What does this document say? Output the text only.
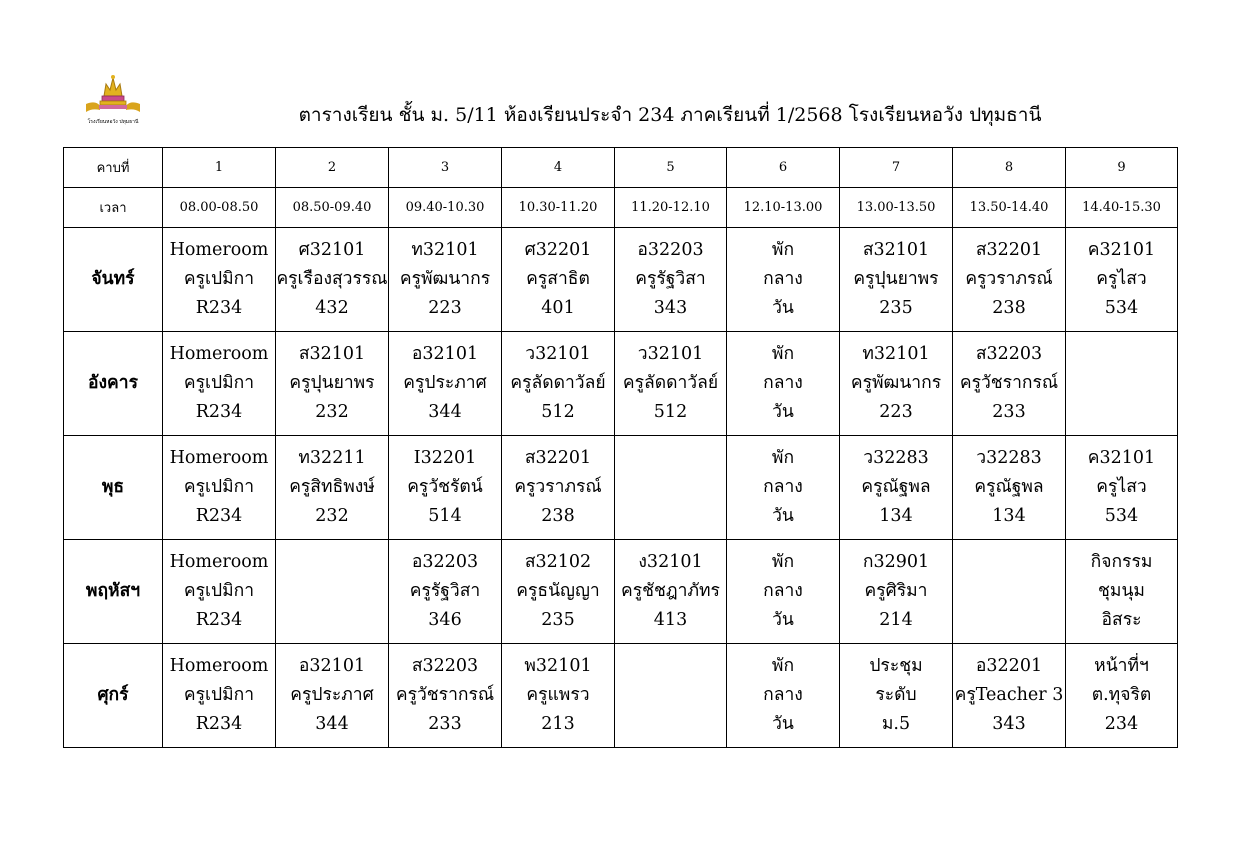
โรงเรียนหอวัง ปทุมธานี	ตารางเรียน ชั้น ม. 5/11 ห้องเรียนประจำ 234 ภาคเรียนที่ 1/2568 โรงเรียนหอวัง ปทุมธานี
คาบที่	1	2	3	4	5	6	7	8	9
เวลา	08.00-08.50	08.50-09.40	09.40-10.30	10.30-11.20	11.20-12.10	12.10-13.00	13.00-13.50	13.50-14.40	14.40-15.30
จันทร์	Homeroom
ครูเปมิกา
R234	ศ32101
ครูเรืองสุวรรณ
432	ท32101
ครูพัฒนากร
223	ศ32201
ครูสาธิต
401	อ32203
ครูรัฐวิสา
343	พัก
กลาง
วัน	ส32101
ครูปุนยาพร
235	ส32201
ครูวราภรณ์
238	ค32101
ครูไสว
534

อังคาร	Homeroom
ครูเปมิกา
R234	ส32101
ครูปุนยาพร
232	อ32101
ครูประภาศ
344	ว32101
ครูลัดดาวัลย์
512	ว32101
ครูลัดดาวัลย์
512	พัก
กลาง
วัน	ท32101
ครูพัฒนากร
223	ส32203
ครูวัชรากรณ์
233	

พุธ	Homeroom
ครูเปมิกา
R234	ท32211
ครูสิทธิพงษ์
232	I32201
ครูวัชรัตน์
514	ส32201
ครูวราภรณ์
238		พัก
กลาง
วัน	ว32283
ครูณัฐพล
134	ว32283
ครูณัฐพล
134	ค32101
ครูไสว
534

พฤหัสฯ	Homeroom
ครูเปมิกา
R234		อ32203
ครูรัฐวิสา
346	ส32102
ครูธนัญญา
235	ง32101
ครูชัชฎาภัทร
413	พัก
กลาง
วัน	ก32901
ครูศิริมา
214		กิจกรรม
ชุมนุม
อิสระ

ศุกร์	Homeroom
ครูเปมิกา
R234	อ32101
ครูประภาศ
344	ส32203
ครูวัชรากรณ์
233	พ32101
ครูแพรว
213		พัก
กลาง
วัน	ประชุม
ระดับ
ม.5	อ32201
ครูTeacher 3
343	หน้าที่ฯ
ต.ทุจริต
234
